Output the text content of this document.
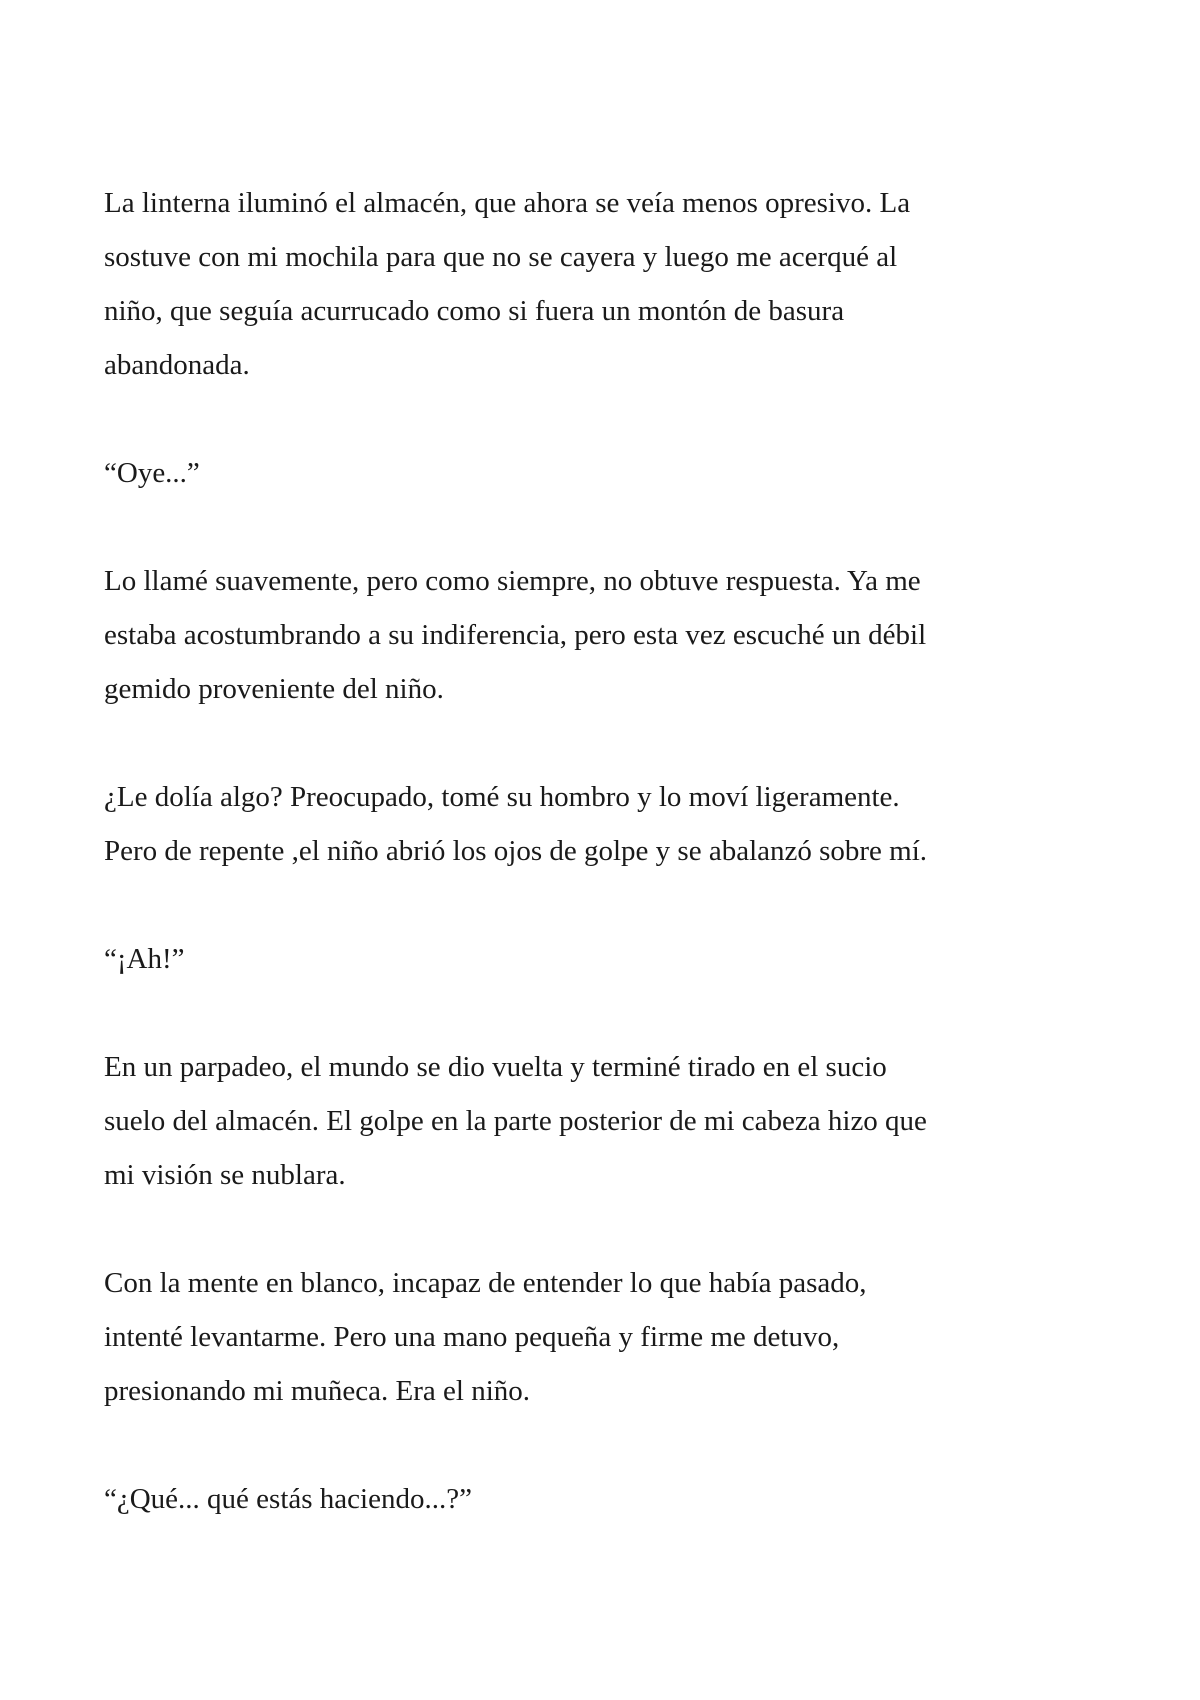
La linterna iluminó el almacén, que ahora se veía menos opresivo. La
sostuve con mi mochila para que no se cayera y luego me acerqué al
niño, que seguía acurrucado como si fuera un montón de basura
abandonada.

“Oye...”

Lo llamé suavemente, pero como siempre, no obtuve respuesta. Ya me
estaba acostumbrando a su indiferencia, pero esta vez escuché un débil
gemido proveniente del niño.

¿Le dolía algo? Preocupado, tomé su hombro y lo moví ligeramente.
Pero de repente ,el niño abrió los ojos de golpe y se abalanzó sobre mí.

“¡Ah!”

En un parpadeo, el mundo se dio vuelta y terminé tirado en el sucio
suelo del almacén. El golpe en la parte posterior de mi cabeza hizo que
mi visión se nublara.

Con la mente en blanco, incapaz de entender lo que había pasado,
intenté levantarme. Pero una mano pequeña y firme me detuvo,
presionando mi muñeca. Era el niño.

“¿Qué... qué estás haciendo...?”
